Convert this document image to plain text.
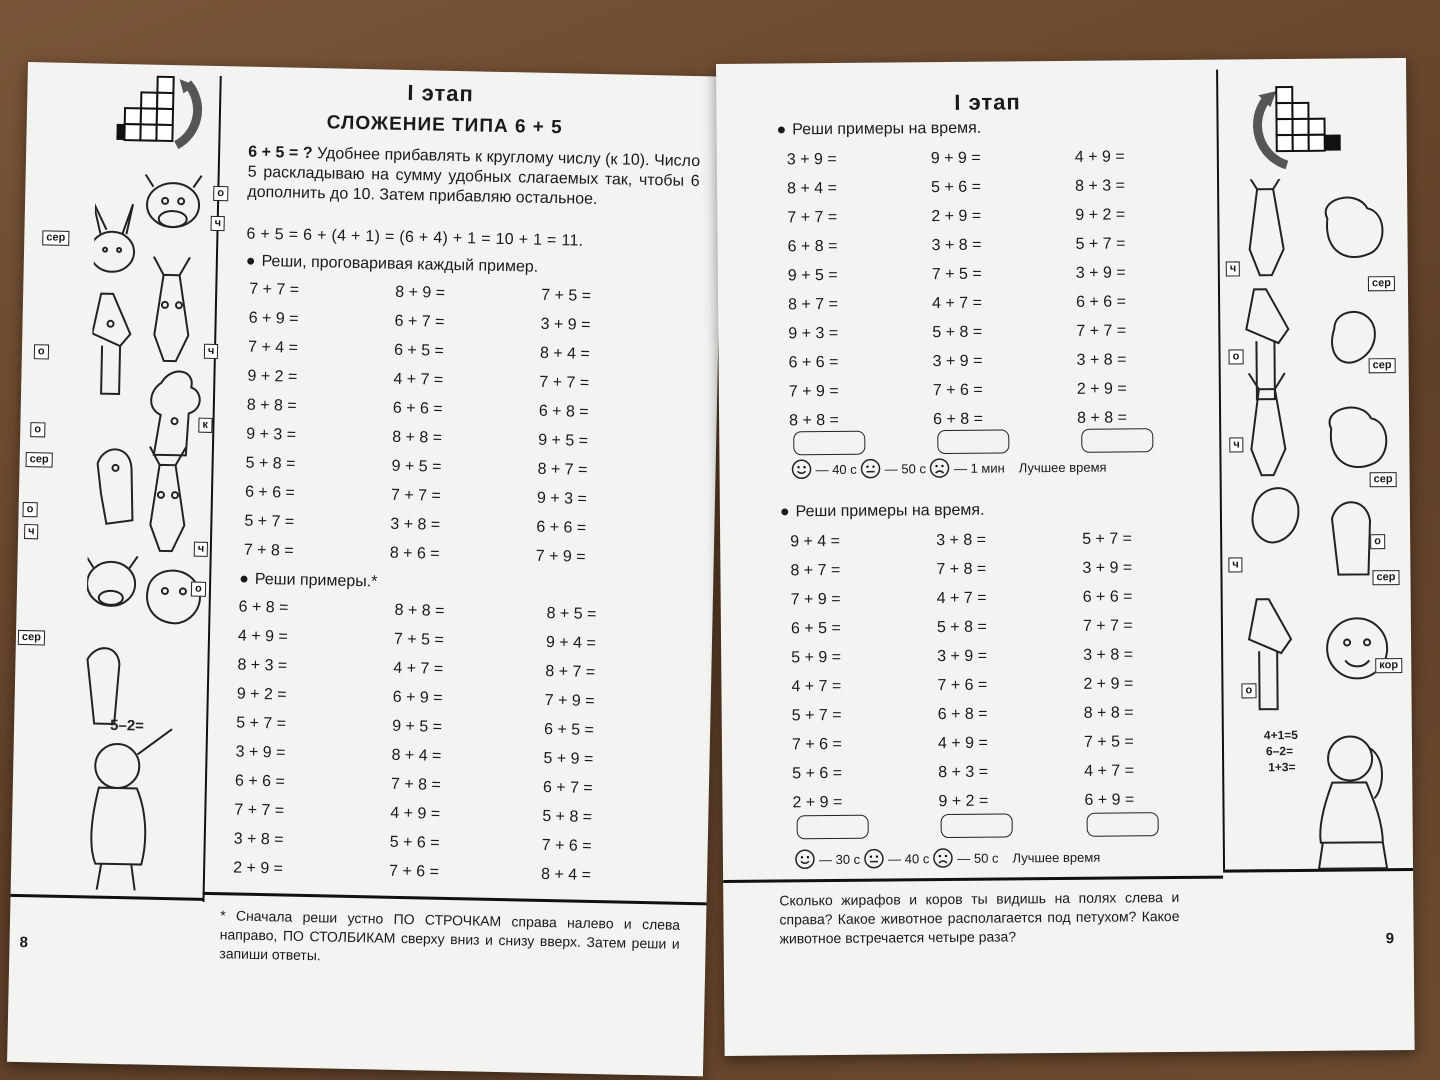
о
ч
сер
о	ч
о	к
сер
о
ч
ч
о
сер
5–2=
I этап
СЛОЖЕНИЕ ТИПА 6 + 5
6 + 5 = ? Удобнее прибавлять к круглому числу (к 10). Число 5 раскладываю на сумму удобных слагаемых так, чтобы 6 дополнить до 10. Затем прибавляю остальное.
6 + 5 = 6 + (4 + 1) = (6 + 4) + 1 = 10 + 1 = 11.
● Реши, проговаривая каждый пример.
7 + 7 =	8 + 9 =	7 + 5 =
6 + 9 =	6 + 7 =	3 + 9 =
7 + 4 =	6 + 5 =	8 + 4 =
9 + 2 =	4 + 7 =	7 + 7 =
8 + 8 =	6 + 6 =	6 + 8 =
9 + 3 =	8 + 8 =	9 + 5 =
5 + 8 =	9 + 5 =	8 + 7 =
6 + 6 =	7 + 7 =	9 + 3 =
5 + 7 =	3 + 8 =	6 + 6 =
7 + 8 =	8 + 6 =	7 + 9 =
● Реши примеры.*
6 + 8 =	8 + 8 =	8 + 5 =
4 + 9 =	7 + 5 =	9 + 4 =
8 + 3 =	4 + 7 =	8 + 7 =
9 + 2 =	6 + 9 =	7 + 9 =
5 + 7 =	9 + 5 =	6 + 5 =
3 + 9 =	8 + 4 =	5 + 9 =
6 + 6 =	7 + 8 =	6 + 7 =
7 + 7 =	4 + 9 =	5 + 8 =
3 + 8 =	5 + 6 =	7 + 6 =
2 + 9 =	7 + 6 =	8 + 4 =
* Сначала реши устно ПО СТРОЧКАМ справа налево и слева направо, ПО СТОЛБИКАМ сверху вниз и снизу вверх. Затем реши и запиши ответы.
8
ч
сер
о
сер
ч
сер
ч
о
сер
о
кор
4+1=5
6–2=
1+3=
I этап
● Реши примеры на время.
3 + 9 =	9 + 9 =	4 + 9 =
8 + 4 =	5 + 6 =	8 + 3 =
7 + 7 =	2 + 9 =	9 + 2 =
6 + 8 =	3 + 8 =	5 + 7 =
9 + 5 =	7 + 5 =	3 + 9 =
8 + 7 =	4 + 7 =	6 + 6 =
9 + 3 =	5 + 8 =	7 + 7 =
6 + 6 =	3 + 9 =	3 + 8 =
7 + 9 =	7 + 6 =	2 + 9 =
8 + 8 =	6 + 8 =	8 + 8 =
— 40 с — 50 с — 1 мин Лучшее время
● Реши примеры на время.
9 + 4 =	3 + 8 =	5 + 7 =
8 + 7 =	7 + 8 =	3 + 9 =
7 + 9 =	4 + 7 =	6 + 6 =
6 + 5 =	5 + 8 =	7 + 7 =
5 + 9 =	3 + 9 =	3 + 8 =
4 + 7 =	7 + 6 =	2 + 9 =
5 + 7 =	6 + 8 =	8 + 8 =
7 + 6 =	4 + 9 =	7 + 5 =
5 + 6 =	8 + 3 =	4 + 7 =
2 + 9 =	9 + 2 =	6 + 9 =
— 30 с — 40 с — 50 с Лучшее время
Сколько жирафов и коров ты видишь на полях слева и справа? Какое животное располагается под петухом? Какое животное встречается четыре раза?	9
